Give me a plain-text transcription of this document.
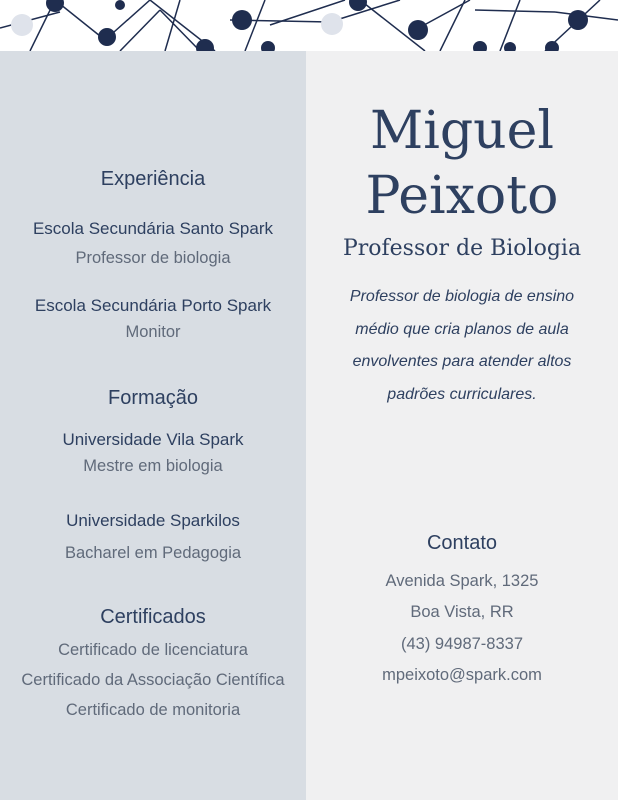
Experiência
Escola Secundária Santo Spark
Professor de biologia
Escola Secundária Porto Spark
Monitor
Formação
Universidade Vila Spark
Mestre em biologia
Universidade Sparkilos
Bacharel em Pedagogia
Certificados
Certificado de licenciatura
Certificado da Associação Científica
Certificado de monitoria
Miguel
Peixoto
Professor de Biologia
Professor de biologia de ensino
médio que cria planos de aula
envolventes para atender altos
padrões curriculares.
Contato
Avenida Spark, 1325
Boa Vista, RR
(43) 94987-8337
mpeixoto@spark.com
